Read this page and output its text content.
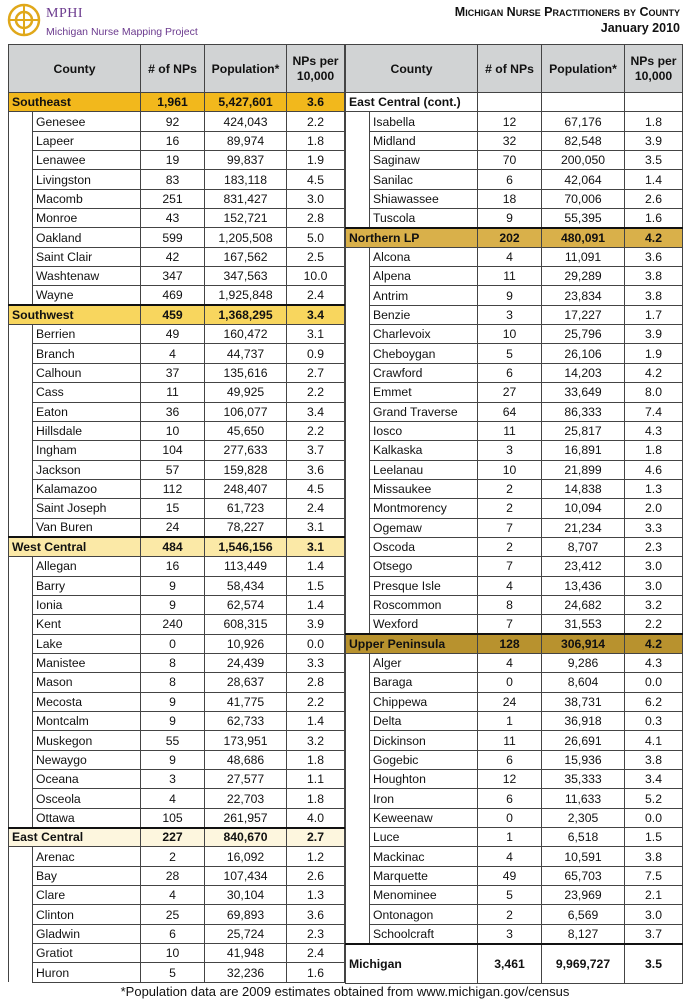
MPHI
Michigan Nurse Mapping Project
Michigan Nurse Practitioners by County
January 2010
County		# of NPs	Population*	NPs per 10,000
Southeast		1,961	5,427,601	3.6
	Genesee	92	424,043	2.2
	Lapeer	16	89,974	1.8
	Lenawee	19	99,837	1.9
	Livingston	83	183,118	4.5
	Macomb	251	831,427	3.0
	Monroe	43	152,721	2.8
	Oakland	599	1,205,508	5.0
	Saint Clair	42	167,562	2.5
	Washtenaw	347	347,563	10.0
	Wayne	469	1,925,848	2.4
Southwest		459	1,368,295	3.4
	Berrien	49	160,472	3.1
	Branch	4	44,737	0.9
	Calhoun	37	135,616	2.7
	Cass	11	49,925	2.2
	Eaton	36	106,077	3.4
	Hillsdale	10	45,650	2.2
	Ingham	104	277,633	3.7
	Jackson	57	159,828	3.6
	Kalamazoo	112	248,407	4.5
	Saint Joseph	15	61,723	2.4
	Van Buren	24	78,227	3.1
West Central		484	1,546,156	3.1
	Allegan	16	113,449	1.4
	Barry	9	58,434	1.5
	Ionia	9	62,574	1.4
	Kent	240	608,315	3.9
	Lake	0	10,926	0.0
	Manistee	8	24,439	3.3
	Mason	8	28,637	2.8
	Mecosta	9	41,775	2.2
	Montcalm	9	62,733	1.4
	Muskegon	55	173,951	3.2
	Newaygo	9	48,686	1.8
	Oceana	3	27,577	1.1
	Osceola	4	22,703	1.8
	Ottawa	105	261,957	4.0
East Central		227	840,670	2.7
	Arenac	2	16,092	1.2
	Bay	28	107,434	2.6
	Clare	4	30,104	1.3
	Clinton	25	69,893	3.6
	Gladwin	6	25,724	2.3
	Gratiot	10	41,948	2.4
	Huron	5	32,236	1.6
County		# of NPs	Population*	NPs per 10,000
East Central (cont.)				
	Isabella	12	67,176	1.8
	Midland	32	82,548	3.9
	Saginaw	70	200,050	3.5
	Sanilac	6	42,064	1.4
	Shiawassee	18	70,006	2.6
	Tuscola	9	55,395	1.6
Northern LP		202	480,091	4.2
	Alcona	4	11,091	3.6
	Alpena	11	29,289	3.8
	Antrim	9	23,834	3.8
	Benzie	3	17,227	1.7
	Charlevoix	10	25,796	3.9
	Cheboygan	5	26,106	1.9
	Crawford	6	14,203	4.2
	Emmet	27	33,649	8.0
	Grand Traverse	64	86,333	7.4
	Iosco	11	25,817	4.3
	Kalkaska	3	16,891	1.8
	Leelanau	10	21,899	4.6
	Missaukee	2	14,838	1.3
	Montmorency	2	10,094	2.0
	Ogemaw	7	21,234	3.3
	Oscoda	2	8,707	2.3
	Otsego	7	23,412	3.0
	Presque Isle	4	13,436	3.0
	Roscommon	8	24,682	3.2
	Wexford	7	31,553	2.2
Upper Peninsula		128	306,914	4.2
	Alger	4	9,286	4.3
	Baraga	0	8,604	0.0
	Chippewa	24	38,731	6.2
	Delta	1	36,918	0.3
	Dickinson	11	26,691	4.1
	Gogebic	6	15,936	3.8
	Houghton	12	35,333	3.4
	Iron	6	11,633	5.2
	Keweenaw	0	2,305	0.0
	Luce	1	6,518	1.5
	Mackinac	4	10,591	3.8
	Marquette	49	65,703	7.5
	Menominee	5	23,969	2.1
	Ontonagon	2	6,569	3.0
	Schoolcraft	3	8,127	3.7
Michigan		3,461	9,969,727	3.5
*Population data are 2009 estimates obtained from www.michigan.gov/census
